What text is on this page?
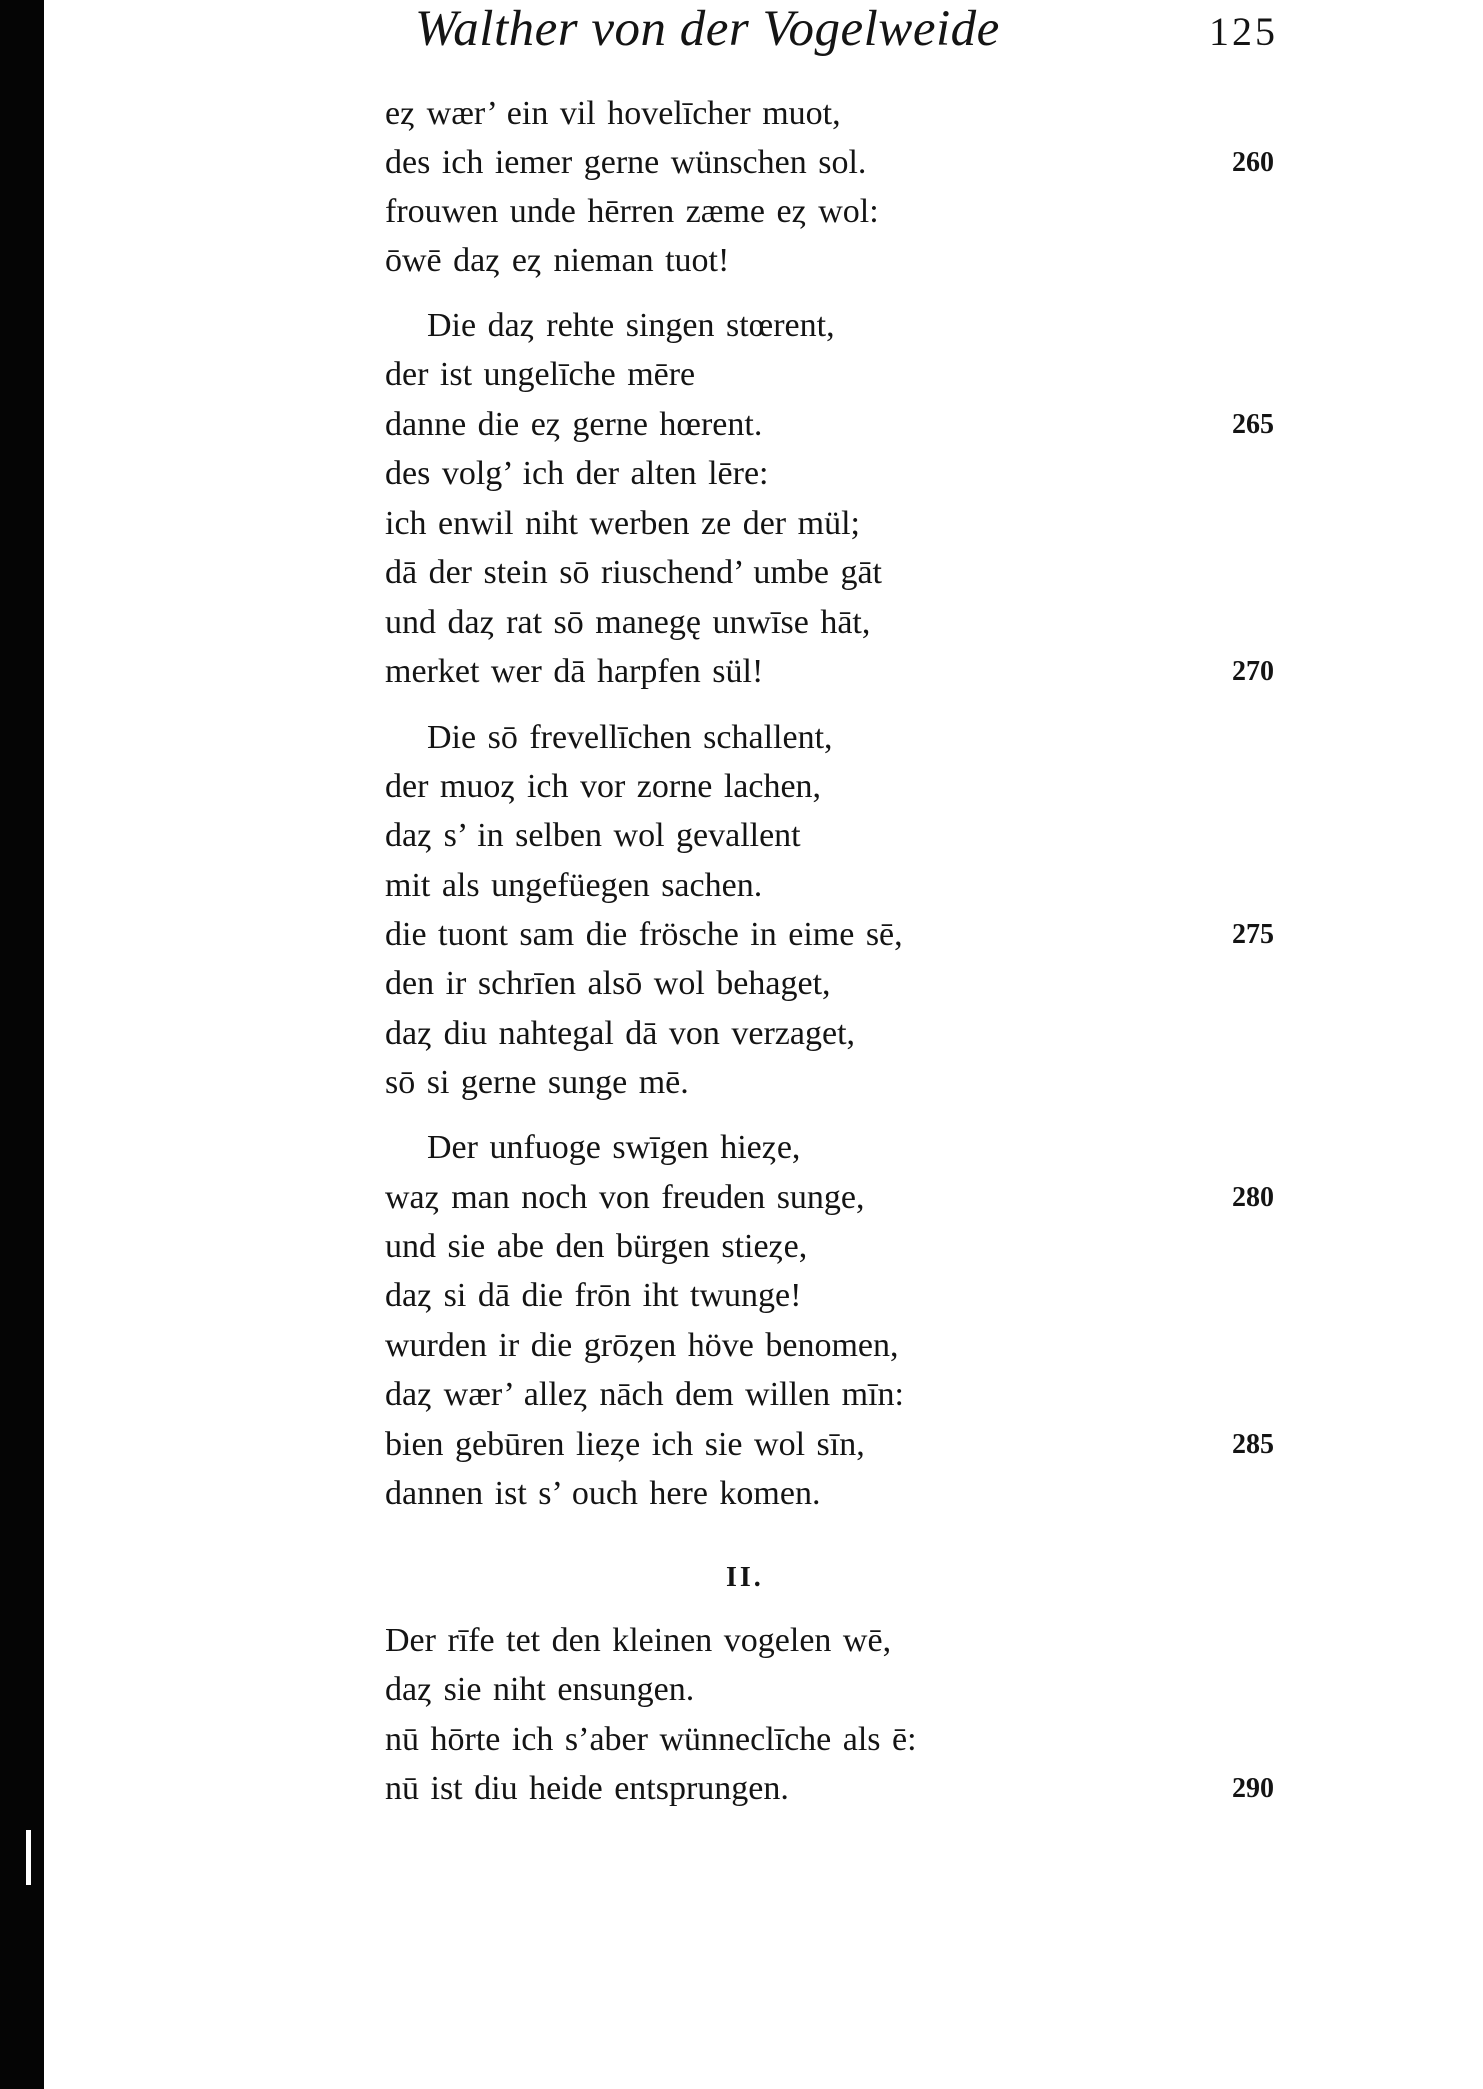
Walther von der Vogelweide	125
eȥ wær’ ein vil hovelīcher muot,
des ich iemer gerne wünschen sol.	260
frouwen unde hērren zæme eȥ wol:
ōwē daȥ eȥ nieman tuot!
Die daȥ rehte singen stœrent,
der ist ungelīche mēre
danne die eȥ gerne hœrent.	265
des volg’ ich der alten lēre:
ich enwil niht werben ze der mül;
dā der stein sō riuschend’ umbe gāt
und daȥ rat sō manegę unwīse hāt,
merket wer dā harpfen sül!	270
Die sō frevellīchen schallent,
der muoȥ ich vor zorne lachen,
daȥ s’ in selben wol gevallent
mit als ungefüegen sachen.
die tuont sam die frösche in eime sē,	275
den ir schrīen alsō wol behaget,
daȥ diu nahtegal dā von verzaget,
sō si gerne sunge mē.
Der unfuoge swīgen hieȥe,
waȥ man noch von freuden sunge,	280
und sie abe den bürgen stieȥe,
daȥ si dā die frōn iht twunge!
wurden ir die grōȥen höve benomen,
daȥ wær’ alleȥ nāch dem willen mīn:
bien gebūren lieȥe ich sie wol sīn,	285
dannen ist s’ ouch here komen.
II.
Der rīfe tet den kleinen vogelen wē,
daȥ sie niht ensungen.
nū hōrte ich s’aber wünneclīche als ē:
nū ist diu heide entsprungen.	290
